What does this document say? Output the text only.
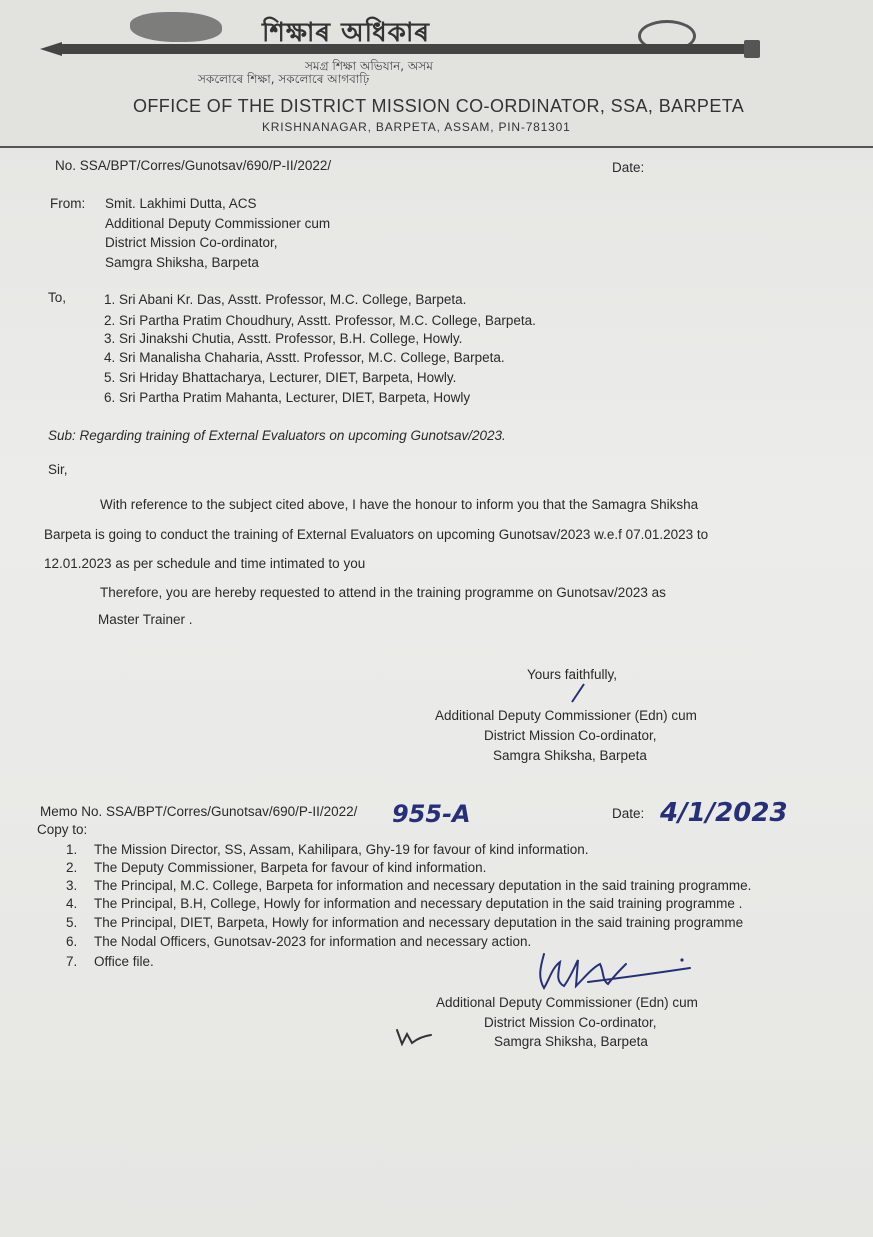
শিক্ষাৰ অধিকাৰ
সমগ্ৰ শিক্ষা অভিযান, অসম
সকলোৰে শিক্ষা, সকলোৰে আগবাঢ়ি
OFFICE OF THE DISTRICT MISSION CO-ORDINATOR, SSA, BARPETA
KRISHNANAGAR, BARPETA, ASSAM, PIN-781301
No. SSA/BPT/Corres/Gunotsav/690/P-II/2022/	Date:
From: Smit. Lakhimi Dutta, ACS
Additional Deputy Commissioner cum
District Mission Co-ordinator,
Samgra Shiksha, Barpeta
To,	1. Sri Abani Kr. Das, Asstt. Professor, M.C. College, Barpeta.
2. Sri Partha Pratim Choudhury, Asstt. Professor, M.C. College, Barpeta.
3. Sri Jinakshi Chutia, Asstt. Professor, B.H. College, Howly.
4. Sri Manalisha Chaharia, Asstt. Professor, M.C. College, Barpeta.
5. Sri Hriday Bhattacharya, Lecturer, DIET, Barpeta, Howly.
6. Sri Partha Pratim Mahanta, Lecturer, DIET, Barpeta, Howly
Sub: Regarding training of External Evaluators on upcoming Gunotsav/2023.
Sir,
With reference to the subject cited above, I have the honour to inform you that the Samagra Shiksha
Barpeta is going to conduct the training of External Evaluators on upcoming Gunotsav/2023 w.e.f 07.01.2023 to
12.01.2023 as per schedule and time intimated to you
Therefore, you are hereby requested to attend in the training programme on Gunotsav/2023 as
Master Trainer .
Yours faithfully,
Additional Deputy Commissioner (Edn) cum
District Mission Co-ordinator,
Samgra Shiksha, Barpeta
Memo No. SSA/BPT/Corres/Gunotsav/690/P-II/2022/ 955-A	Date: 4/1/2023
Copy to:
1. The Mission Director, SS, Assam, Kahilipara, Ghy-19 for favour of kind information.
2. The Deputy Commissioner, Barpeta for favour of kind information.
3. The Principal, M.C. College, Barpeta for information and necessary deputation in the said training programme.
4. The Principal, B.H, College, Howly for information and necessary deputation in the said training programme .
5. The Principal, DIET, Barpeta, Howly for information and necessary deputation in the said training programme
6. The Nodal Officers, Gunotsav-2023 for information and necessary action.
7. Office file.
Additional Deputy Commissioner (Edn) cum
District Mission Co-ordinator,
Samgra Shiksha, Barpeta
